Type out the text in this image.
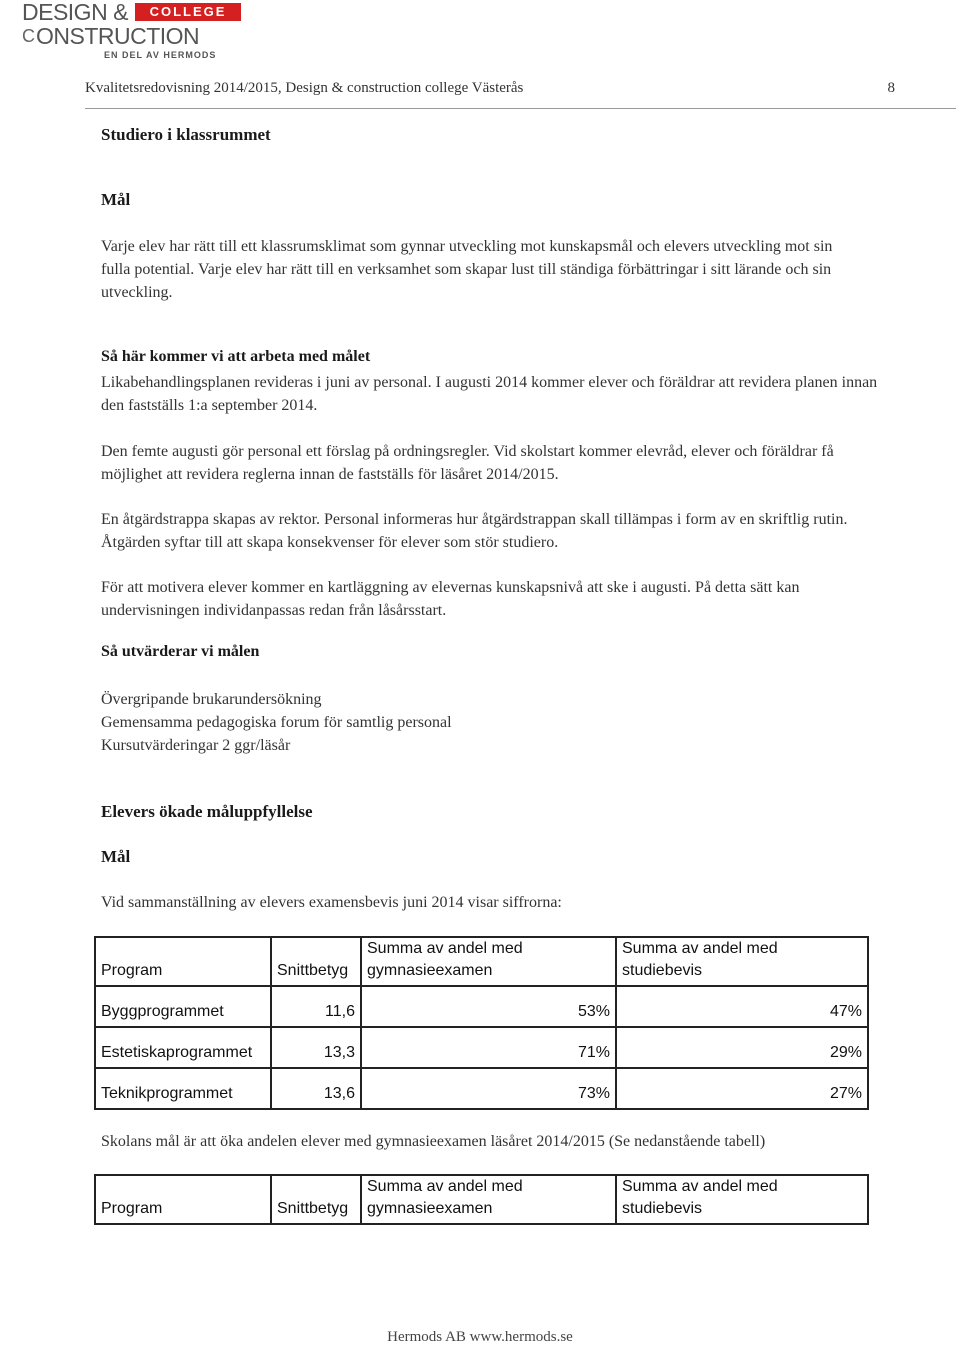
DESIGN &	COLLEGE
C ONSTRUCTION
EN DEL AV HERMODS
Kvalitetsredovisning 2014/2015, Design & construction college Västerås	8
Studiero i klassrummet
Mål
Varje elev har rätt till ett klassrumsklimat som gynnar utveckling mot kunskapsmål och elevers utveckling mot sin fulla potential. Varje elev har rätt till en verksamhet som skapar lust till ständiga förbättringar i sitt lärande och sin utveckling.
Så här kommer vi att arbeta med målet
Likabehandlingsplanen revideras i juni av personal. I augusti 2014 kommer elever och föräldrar att revidera planen innan den fastställs 1:a september 2014.
Den femte augusti gör personal ett förslag på ordningsregler. Vid skolstart kommer elevråd, elever och föräldrar få möjlighet att revidera reglerna innan de fastställs för läsåret 2014/2015.
En åtgärdstrappa skapas av rektor. Personal informeras hur åtgärdstrappan skall tillämpas i form av en skriftlig rutin. Åtgärden syftar till att skapa konsekvenser för elever som stör studiero.
För att motivera elever kommer en kartläggning av elevernas kunskapsnivå att ske i augusti. På detta sätt kan undervisningen individanpassas redan från låsårsstart.
Så utvärderar vi målen
Övergripande brukarundersökning
Gemensamma pedagogiska forum för samtlig personal
Kursutvärderingar 2 ggr/läsår
Elevers ökade måluppfyllelse
Mål
Vid sammanställning av elevers examensbevis juni 2014 visar siffrorna:
Program	Snittbetyg	Summa av andel med gymnasieexamen	Summa av andel med studiebevis
Byggprogrammet	11,6	53%	47%
Estetiskaprogrammet	13,3	71%	29%
Teknikprogrammet	13,6	73%	27%
Skolans mål är att öka andelen elever med gymnasieexamen läsåret 2014/2015 (Se nedanstående tabell)
Program	Snittbetyg	Summa av andel med gymnasieexamen	Summa av andel med studiebevis
Hermods AB www.hermods.se
